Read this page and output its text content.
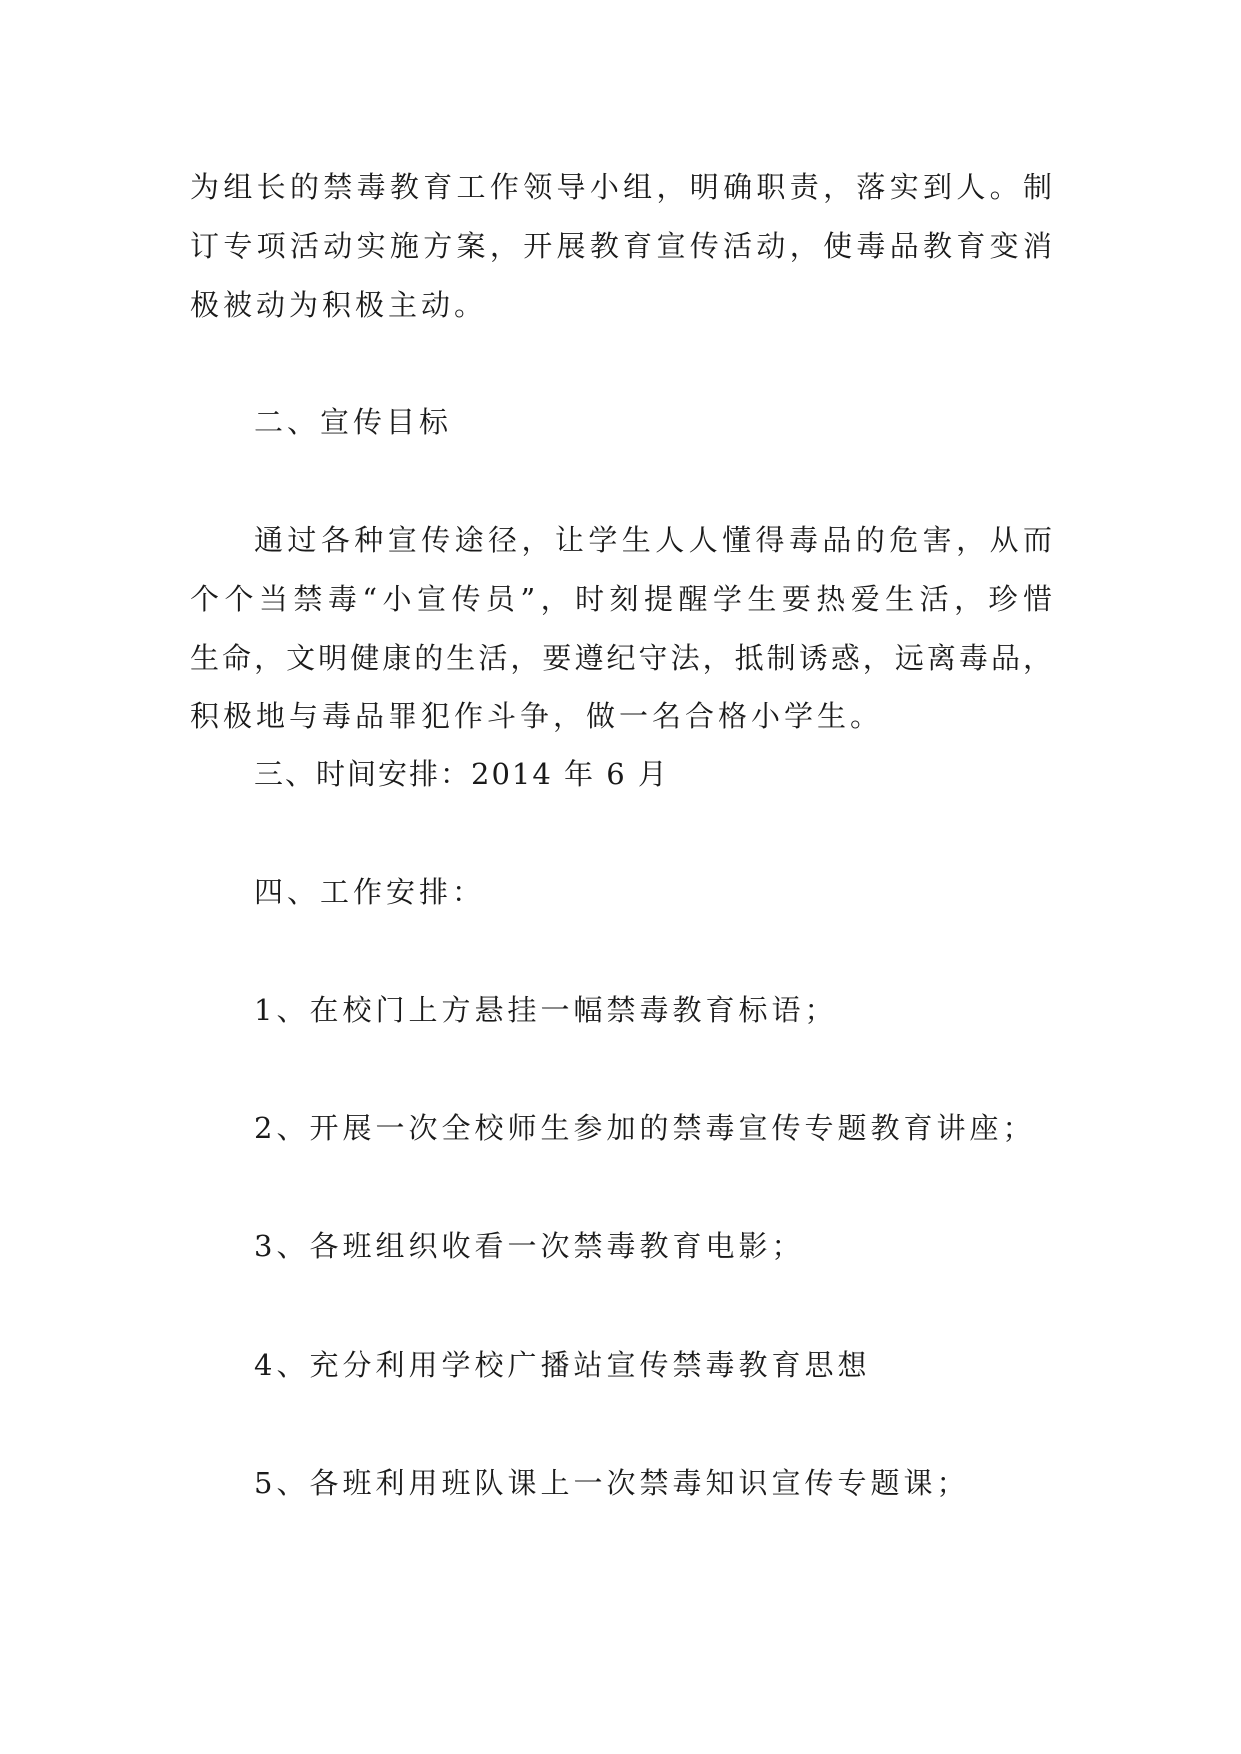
为组长的禁毒教育工作领导小组，明确职责，落实到人。制
订专项活动实施方案，开展教育宣传活动，使毒品教育变消
极被动为积极主动。
二、宣传目标
通过各种宣传途径，让学生人人懂得毒品的危害，从而
个个当禁毒“小宣传员”，时刻提醒学生要热爱生活，珍惜
生命，文明健康的生活，要遵纪守法，抵制诱惑，远离毒品，
积极地与毒品罪犯作斗争，做一名合格小学生。
三、时间安排：2014 年 6 月
四、工作安排：
1、在校门上方悬挂一幅禁毒教育标语；
2、开展一次全校师生参加的禁毒宣传专题教育讲座；
3、各班组织收看一次禁毒教育电影；
4、充分利用学校广播站宣传禁毒教育思想
5、各班利用班队课上一次禁毒知识宣传专题课；
